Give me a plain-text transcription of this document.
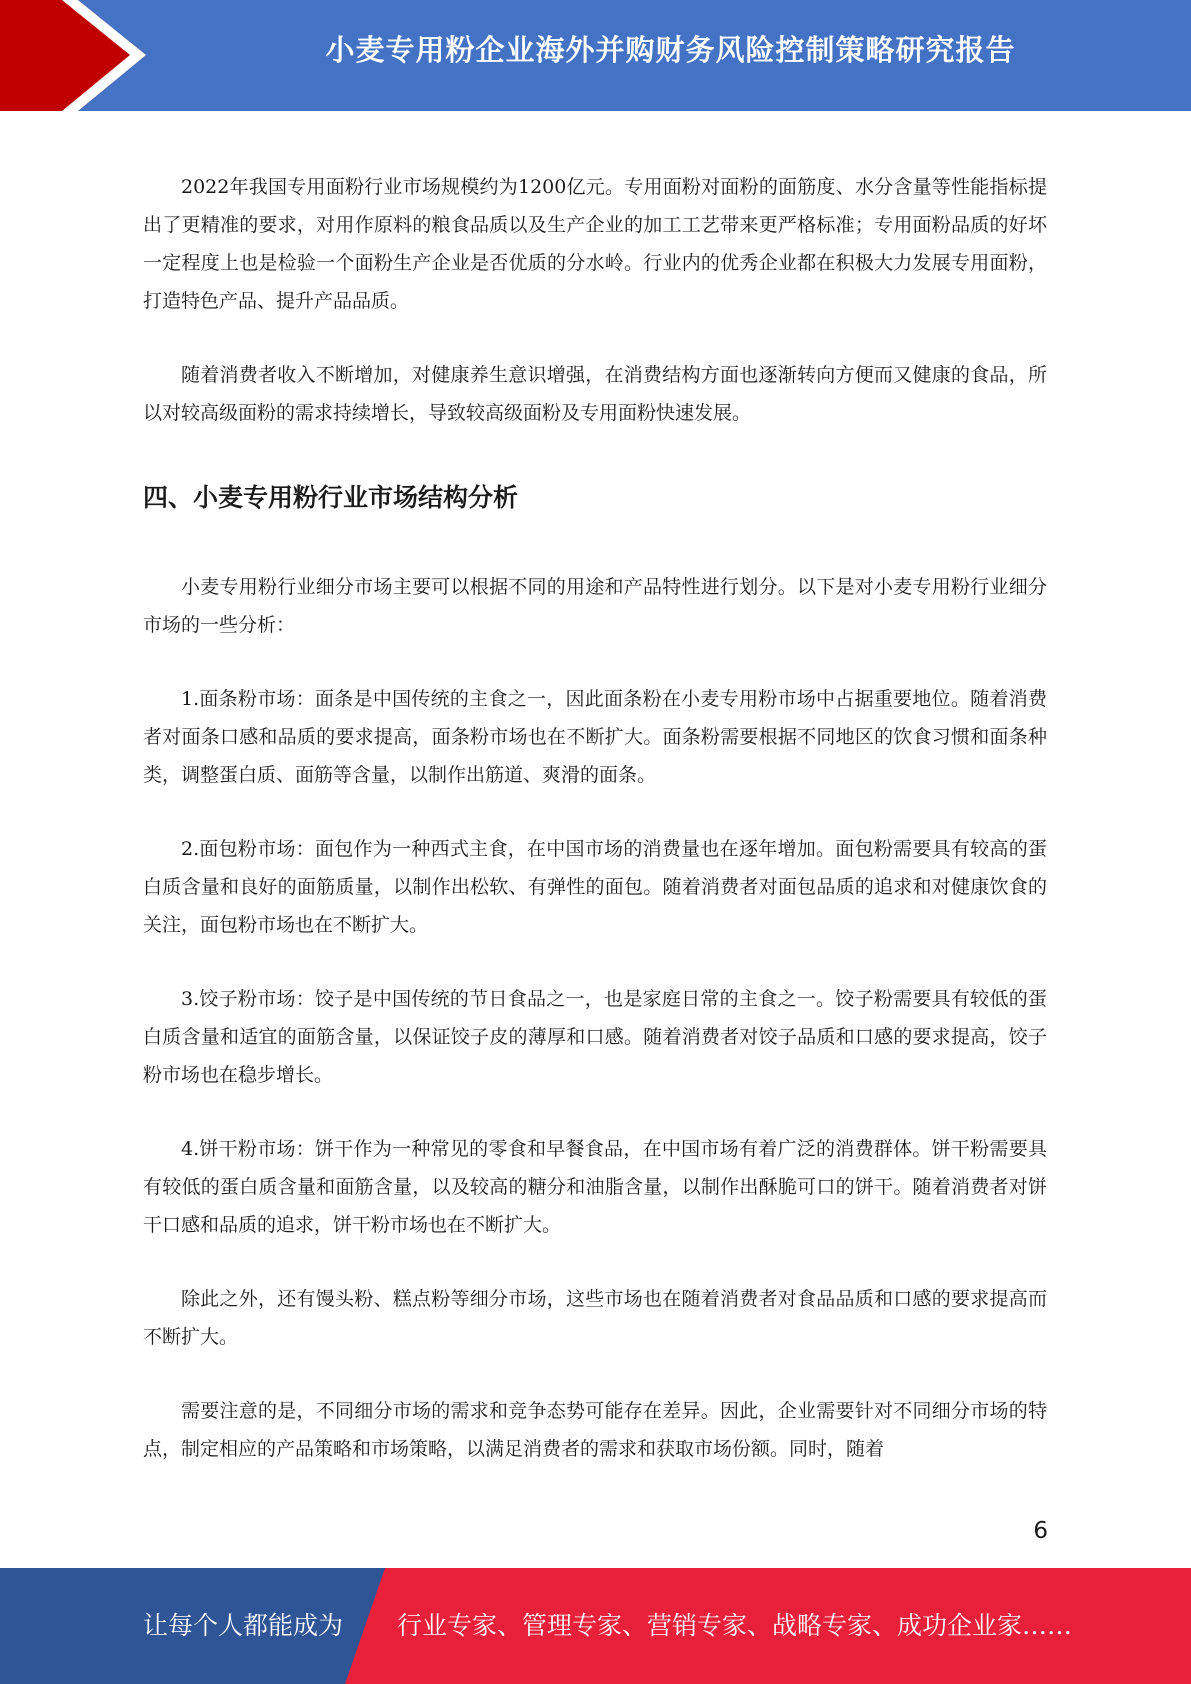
小麦专用粉企业海外并购财务风险控制策略研究报告

2022年我国专用面粉行业市场规模约为1200亿元。专用面粉对面粉的面筋度、水分含量等性能指标提出了更精准的要求，对用作原料的粮食品质以及生产企业的加工工艺带来更严格标准；专用面粉品质的好坏一定程度上也是检验一个面粉生产企业是否优质的分水岭。行业内的优秀企业都在积极大力发展专用面粉，打造特色产品、提升产品品质。

随着消费者收入不断增加，对健康养生意识增强，在消费结构方面也逐渐转向方便而又健康的食品，所以对较高级面粉的需求持续增长，导致较高级面粉及专用面粉快速发展。

四、小麦专用粉行业市场结构分析

小麦专用粉行业细分市场主要可以根据不同的用途和产品特性进行划分。以下是对小麦专用粉行业细分市场的一些分析：

1.面条粉市场：面条是中国传统的主食之一，因此面条粉在小麦专用粉市场中占据重要地位。随着消费者对面条口感和品质的要求提高，面条粉市场也在不断扩大。面条粉需要根据不同地区的饮食习惯和面条种类，调整蛋白质、面筋等含量，以制作出筋道、爽滑的面条。

2.面包粉市场：面包作为一种西式主食，在中国市场的消费量也在逐年增加。面包粉需要具有较高的蛋白质含量和良好的面筋质量，以制作出松软、有弹性的面包。随着消费者对面包品质的追求和对健康饮食的关注，面包粉市场也在不断扩大。

3.饺子粉市场：饺子是中国传统的节日食品之一，也是家庭日常的主食之一。饺子粉需要具有较低的蛋白质含量和适宜的面筋含量，以保证饺子皮的薄厚和口感。随着消费者对饺子品质和口感的要求提高，饺子粉市场也在稳步增长。

4.饼干粉市场：饼干作为一种常见的零食和早餐食品，在中国市场有着广泛的消费群体。饼干粉需要具有较低的蛋白质含量和面筋含量，以及较高的糖分和油脂含量，以制作出酥脆可口的饼干。随着消费者对饼干口感和品质的追求，饼干粉市场也在不断扩大。

除此之外，还有馒头粉、糕点粉等细分市场，这些市场也在随着消费者对食品品质和口感的要求提高而不断扩大。

需要注意的是，不同细分市场的需求和竞争态势可能存在差异。因此，企业需要针对不同细分市场的特点，制定相应的产品策略和市场策略，以满足消费者的需求和获取市场份额。同时，随着

6
让每个人都能成为 行业专家、管理专家、营销专家、战略专家、成功企业家……
